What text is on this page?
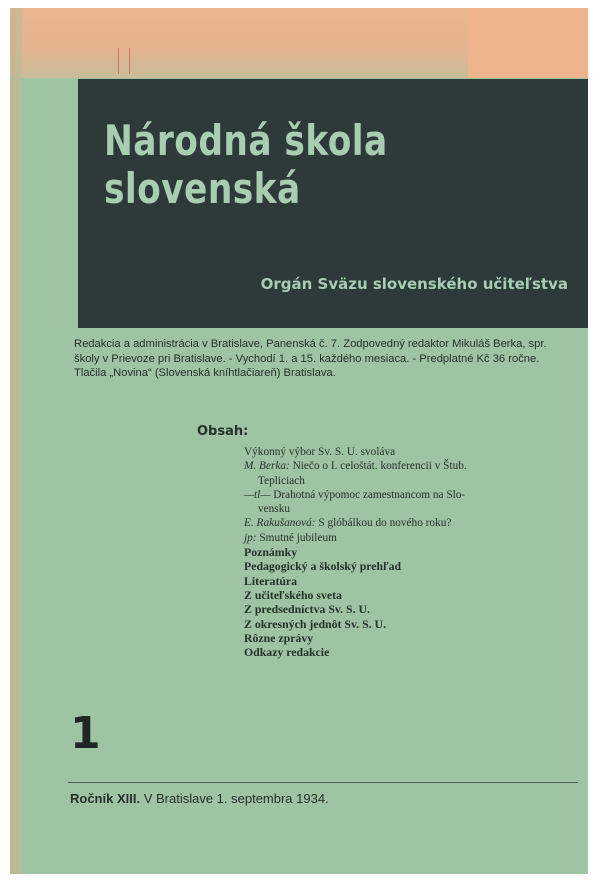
Národná škola
slovenská
Orgán Sväzu slovenského učiteľstva
Redakcia a administrácia v Bratislave, Panenská č. 7. Zodpovedný redaktor Mikuláš Berka, spr.
školy v Prievoze pri Bratislave. - Vychodí 1. a 15. každého mesiaca. - Predplatné Kč 36 ročne.
Tlačila „Novina“ (Slovenská kníhtlačiareň) Bratislava.
Obsah:
Výkonný výbor Sv. S. U. svoláva
M. Berka: Niečo o I. celoštát. konferencii v Štub.
Tepliciach
—tl— Drahotná výpomoc zamestnancom na Slo-
vensku
E. Rakušanová: S glóbálkou do nového roku?
jp: Smutné jubileum
Poznámky
Pedagogický a školský prehľad
Literatúra
Z učiteľského sveta
Z predsedníctva Sv. S. U.
Z okresných jednôt Sv. S. U.
Rôzne zprávy
Odkazy redakcie
1
Ročník XIII. V Bratislave 1. septembra 1934.
